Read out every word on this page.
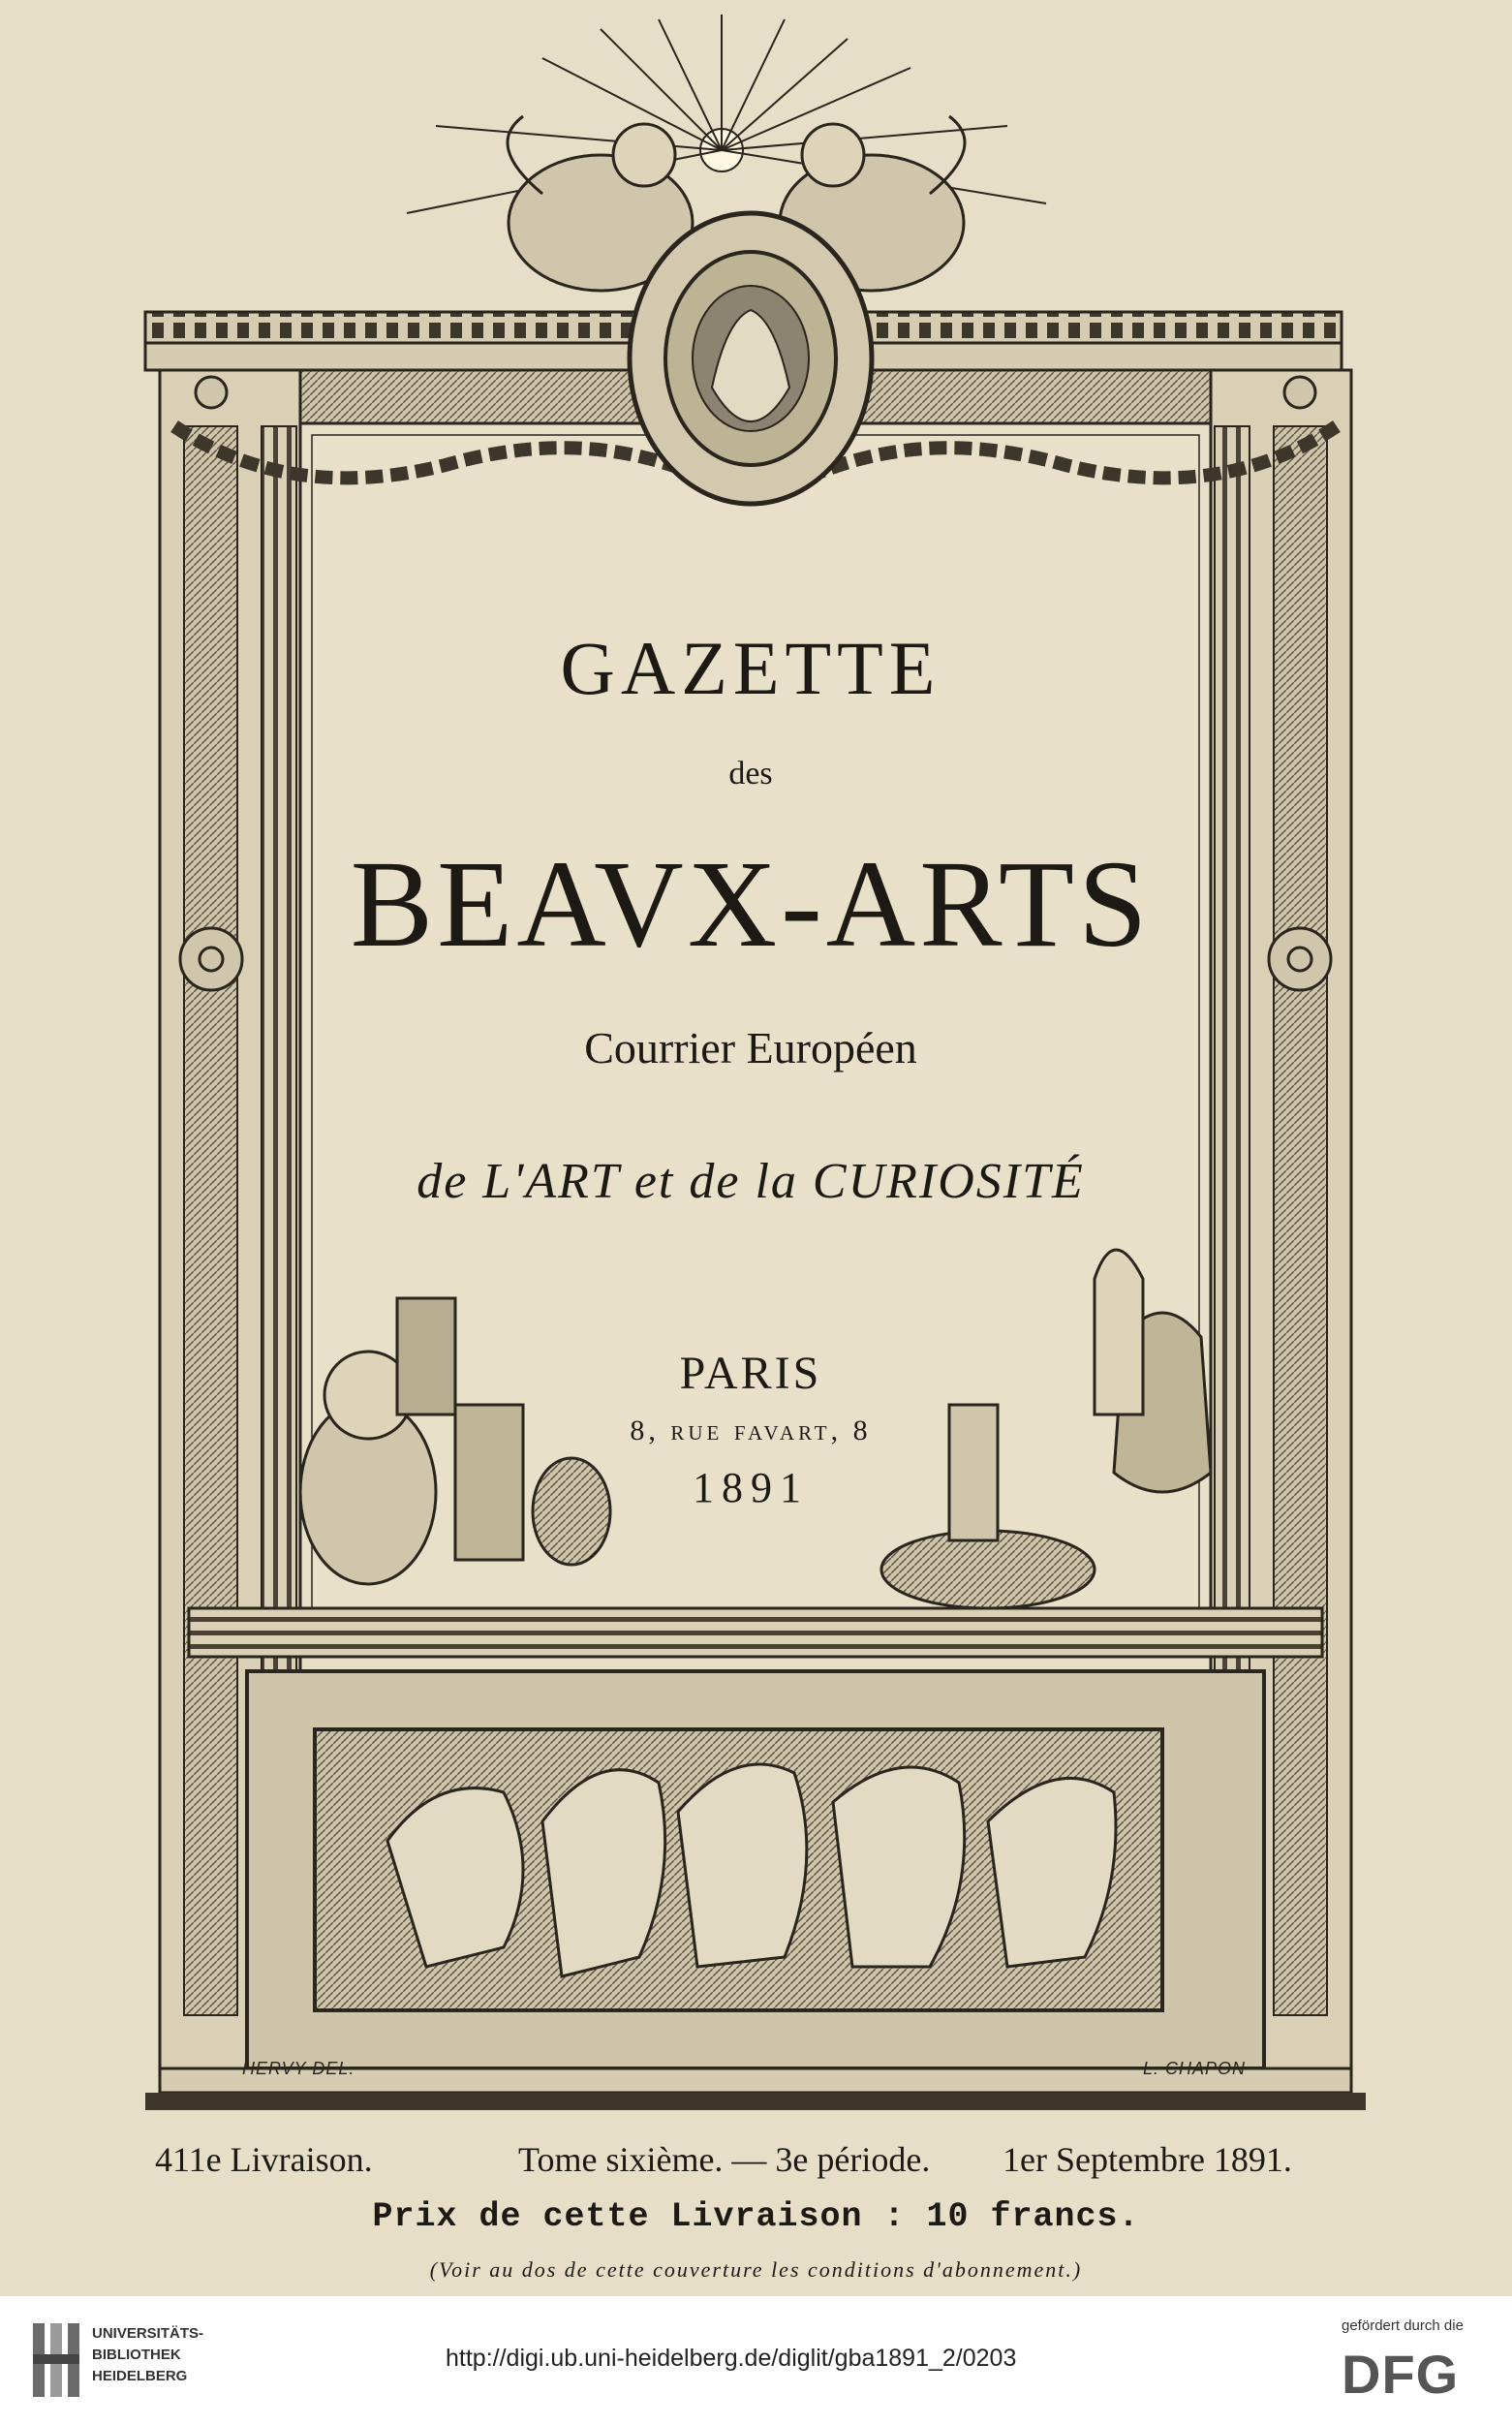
GAZETTE
des
BEAVX-ARTS
Courrier Européen
de L'ART et de la CURIOSITÉ
PARIS
8, rue favart, 8
1891
HERVY DEL.	L. CHAPON
411e Livraison.	Tome sixième. — 3e période. 1er Septembre 1891.
Prix de cette Livraison : 10 francs.
(Voir au dos de cette couverture les conditions d'abonnement.)
UNIVERSITÄTS-
BIBLIOTHEK
HEIDELBERG
http://digi.ub.uni-heidelberg.de/diglit/gba1891_2/0203
gefördert durch die
DFG
